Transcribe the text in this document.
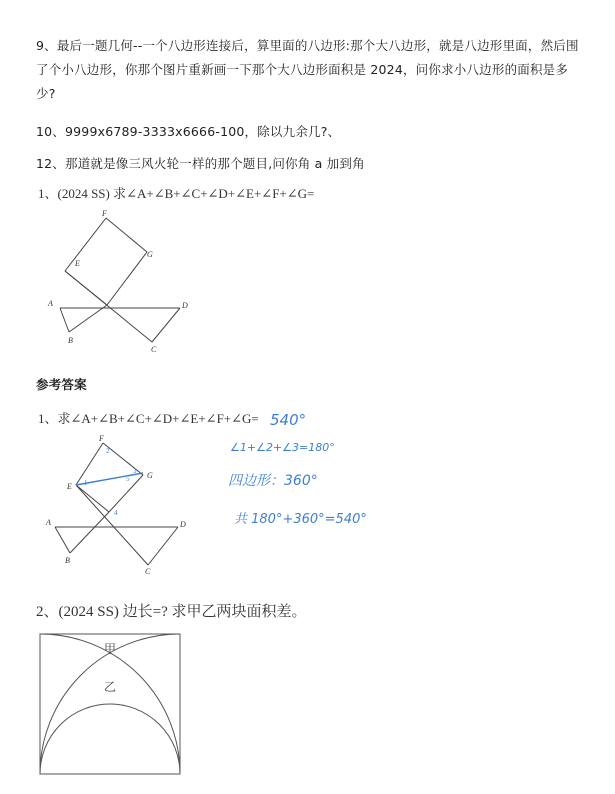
9、最后一题几何--一个八边形连接后，算里面的八边形:那个大八边形，就是八边形里面，然后围了个小八边形，你那个图片重新画一下那个大八边形面积是 2024，问你求小八边形的面积是多少?
10、9999x6789-3333x6666-100，除以九余几?、
12、那道就是像三风火轮一样的那个题目,问你角 a 加到角
1、(2024 SS) 求∠A+∠B+∠C+∠D+∠E+∠F+∠G=
F
G
E
A	D
B
C
参考答案
1、求∠A+∠B+∠C+∠D+∠E+∠F+∠G=
F
G
E
A	D
B
C
1
2
3
5
4
540°
∠1+∠2+∠3=180°
四边形：360°
共 180°+360°=540°
2、(2024 SS) 边长=? 求甲乙两块面积差。
甲
乙
